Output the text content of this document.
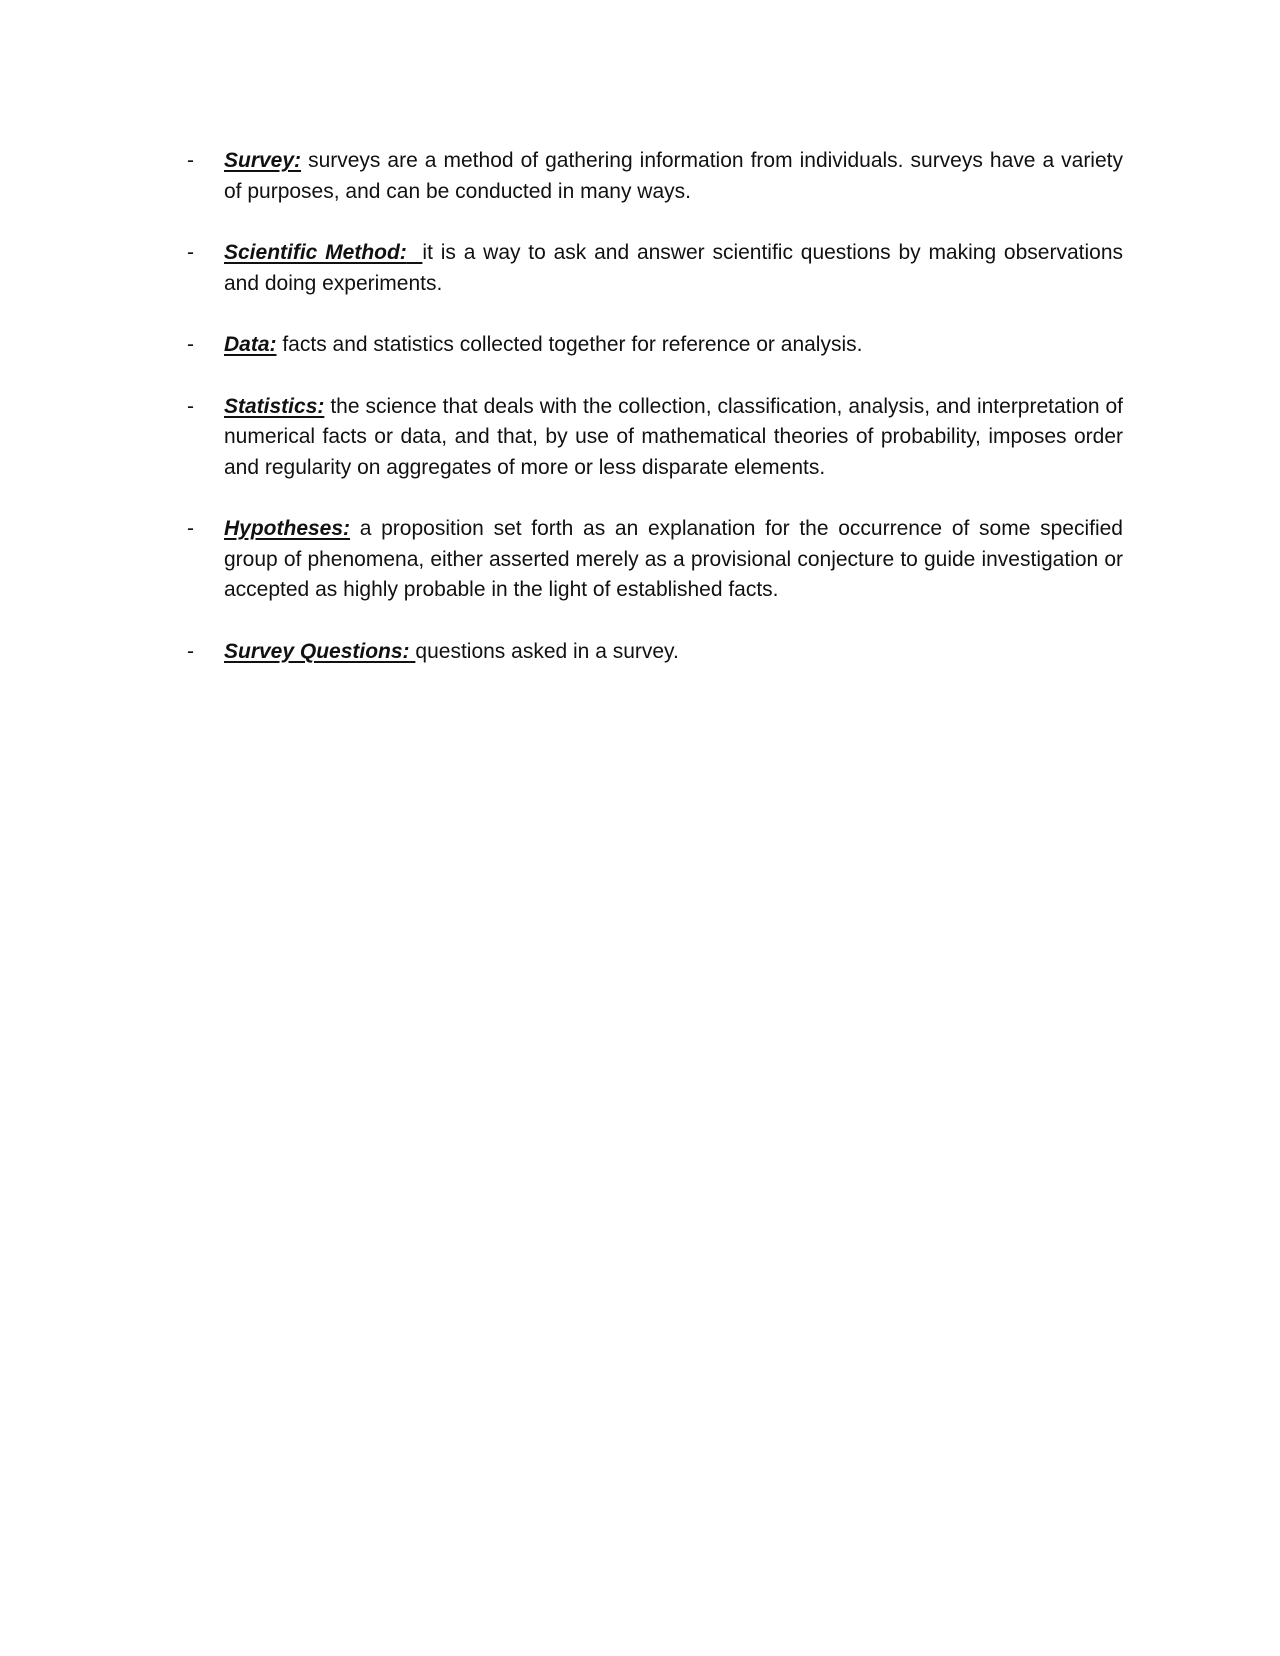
-	Survey: surveys are a method of gathering information from individuals. surveys have a variety of purposes, and can be conducted in many ways.
-	Scientific Method: it is a way to ask and answer scientific questions by making observations and doing experiments.
-	Data: facts and statistics collected together for reference or analysis.
-	Statistics: the science that deals with the collection, classification, analysis, and interpretation of numerical facts or data, and that, by use of mathematical theories of probability, imposes order and regularity on aggregates of more or less disparate elements.
-	Hypotheses: a proposition set forth as an explanation for the occurrence of some specified group of phenomena, either asserted merely as a provisional conjecture to guide investigation or accepted as highly probable in the light of established facts.
-	Survey Questions: questions asked in a survey.
